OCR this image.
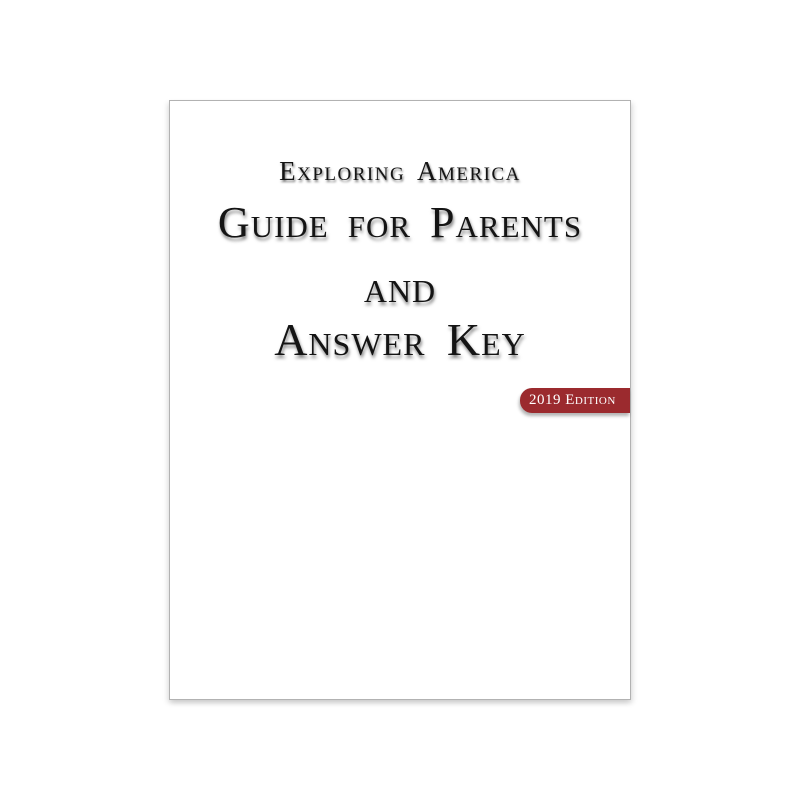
Exploring America
Guide for Parents
and
Answer Key
2019 Edition
